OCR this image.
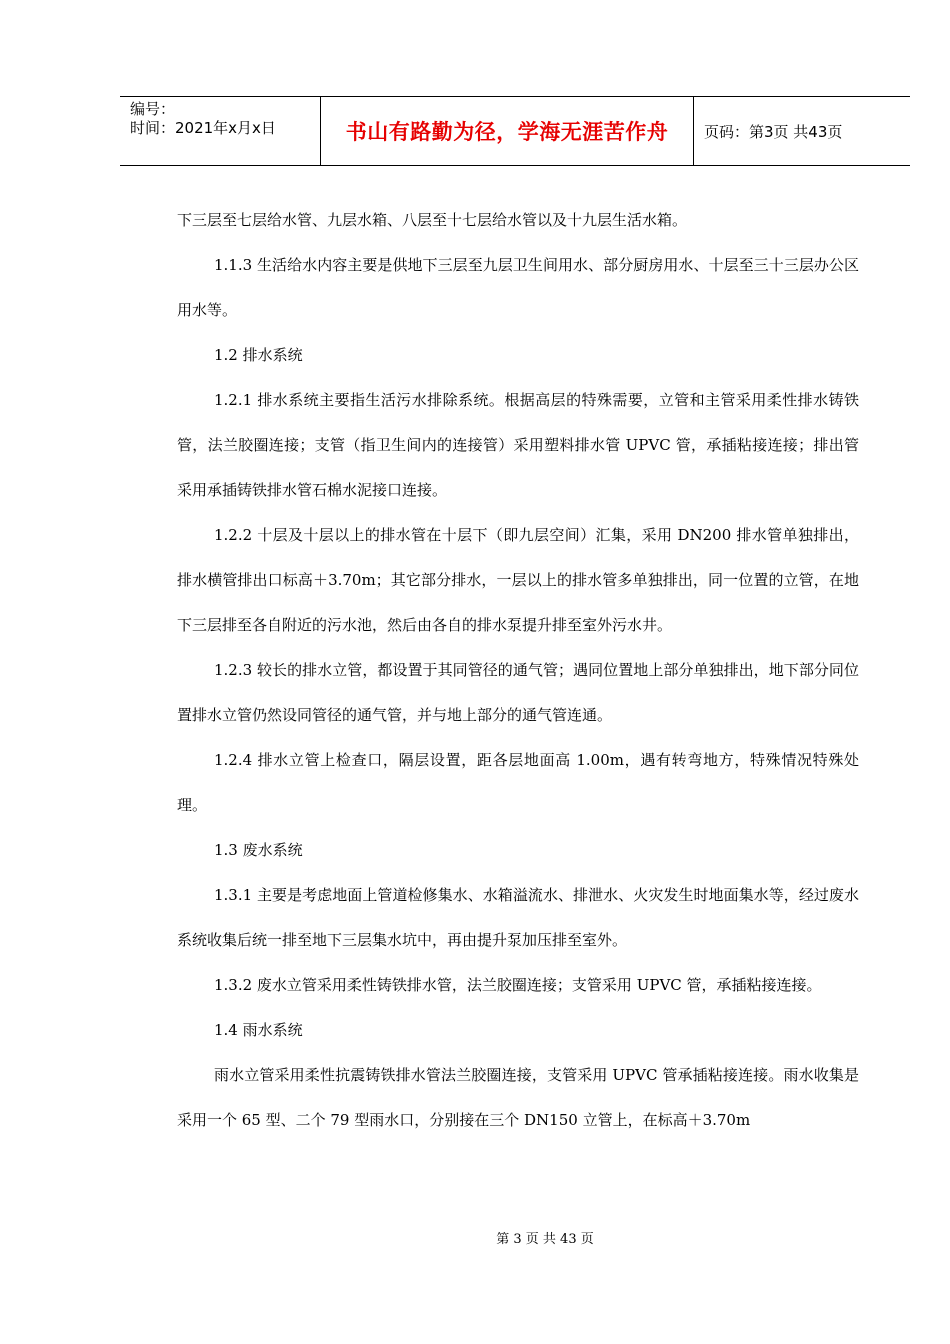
编号：
时间：2021年x月x日	书山有路勤为径，学海无涯苦作舟 页码：第3页 共43页

下三层至七层给水管、九层水箱、八层至十七层给水管以及十九层生活水箱。

1.1.3 生活给水内容主要是供地下三层至九层卫生间用水、部分厨房用水、十层至三十三层办公区用水等。

1.2 排水系统

1.2.1 排水系统主要指生活污水排除系统。根据高层的特殊需要，立管和主管采用柔性排水铸铁管，法兰胶圈连接；支管（指卫生间内的连接管）采用塑料排水管 UPVC 管，承插粘接连接；排出管采用承插铸铁排水管石棉水泥接口连接。

1.2.2 十层及十层以上的排水管在十层下（即九层空间）汇集，采用 DN200 排水管单独排出，排水横管排出口标高＋3.70m；其它部分排水，一层以上的排水管多单独排出，同一位置的立管，在地下三层排至各自附近的污水池，然后由各自的排水泵提升排至室外污水井。

1.2.3 较长的排水立管，都设置于其同管径的通气管；遇同位置地上部分单独排出，地下部分同位置排水立管仍然设同管径的通气管，并与地上部分的通气管连通。

1.2.4 排水立管上检查口，隔层设置，距各层地面高 1.00m，遇有转弯地方，特殊情况特殊处理。

1.3 废水系统

1.3.1 主要是考虑地面上管道检修集水、水箱溢流水、排泄水、火灾发生时地面集水等，经过废水系统收集后统一排至地下三层集水坑中，再由提升泵加压排至室外。

1.3.2 废水立管采用柔性铸铁排水管，法兰胶圈连接；支管采用 UPVC 管，承插粘接连接。

1.4 雨水系统

雨水立管采用柔性抗震铸铁排水管法兰胶圈连接，支管采用 UPVC 管承插粘接连接。雨水收集是采用一个 65 型、二个 79 型雨水口，分别接在三个 DN150 立管上，在标高＋3.70m

第 3 页 共 43 页
